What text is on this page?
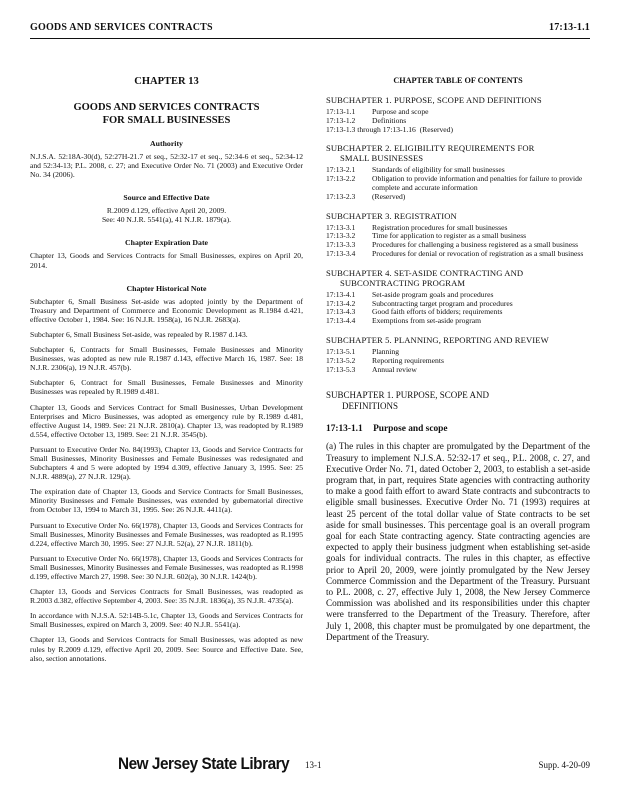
GOODS AND SERVICES CONTRACTS	17:13-1.1
CHAPTER 13
GOODS AND SERVICES CONTRACTS
FOR SMALL BUSINESSES
Authority
N.J.S.A. 52:18A-30(d), 52:27H-21.7 et seq., 52:32-17 et seq., 52:34-6 et seq., 52:34-12 and 52:34-13; P.L. 2008, c. 27; and Executive Order No. 71 (2003) and Executive Order No. 34 (2006).
Source and Effective Date
R.2009 d.129, effective April 20, 2009.
See: 40 N.J.R. 5541(a), 41 N.J.R. 1879(a).
Chapter Expiration Date
Chapter 13, Goods and Services Contracts for Small Businesses, expires on April 20, 2014.
Chapter Historical Note
Subchapter 6, Small Business Set-aside was adopted jointly by the Department of Treasury and Department of Commerce and Economic Development as R.1984 d.421, effective October 1, 1984. See: 16 N.J.R. 1958(a), 16 N.J.R. 2683(a).
Subchapter 6, Small Business Set-aside, was repealed by R.1987 d.143.
Subchapter 6, Contracts for Small Businesses, Female Businesses and Minority Businesses, was adopted as new rule R.1987 d.143, effective March 16, 1987. See: 18 N.J.R. 2306(a), 19 N.J.R. 457(b).
Subchapter 6, Contract for Small Businesses, Female Businesses and Minority Businesses was repealed by R.1989 d.481.
Chapter 13, Goods and Services Contract for Small Businesses, Urban Development Enterprises and Micro Businesses, was adopted as emergency rule by R.1989 d.481, effective August 14, 1989. See: 21 N.J.R. 2810(a). Chapter 13, was readopted by R.1989 d.554, effective October 13, 1989. See: 21 N.J.R. 3545(b).
Pursuant to Executive Order No. 84(1993), Chapter 13, Goods and Service Contracts for Small Businesses, Minority Businesses and Female Businesses was redesignated and Subchapters 4 and 5 were adopted by 1994 d.309, effective January 3, 1995. See: 25 N.J.R. 4889(a), 27 N.J.R. 129(a).
The expiration date of Chapter 13, Goods and Service Contracts for Small Businesses, Minority Businesses and Female Businesses, was extended by gubernatorial directive from October 13, 1994 to March 31, 1995. See: 26 N.J.R. 4411(a).
Pursuant to Executive Order No. 66(1978), Chapter 13, Goods and Services Contracts for Small Businesses, Minority Businesses and Female Businesses, was readopted as R.1995 d.224, effective March 30, 1995. See: 27 N.J.R. 52(a), 27 N.J.R. 1811(b).
Pursuant to Executive Order No. 66(1978), Chapter 13, Goods and Services Contracts for Small Businesses, Minority Businesses and Female Businesses, was readopted as R.1998 d.199, effective March 27, 1998. See: 30 N.J.R. 602(a), 30 N.J.R. 1424(b).
Chapter 13, Goods and Services Contracts for Small Businesses, was readopted as R.2003 d.382, effective September 4, 2003. See: 35 N.J.R. 1836(a), 35 N.J.R. 4735(a).
In accordance with N.J.S.A. 52:14B-5.1c, Chapter 13, Goods and Services Contracts for Small Businesses, expired on March 3, 2009. See: 40 N.J.R. 5541(a).
Chapter 13, Goods and Services Contracts for Small Businesses, was adopted as new rules by R.2009 d.129, effective April 20, 2009. See: Source and Effective Date. See, also, section annotations.
CHAPTER TABLE OF CONTENTS
SUBCHAPTER 1. PURPOSE, SCOPE AND DEFINITIONS
17:13-1.1	Purpose and scope
17:13-1.2	Definitions
17:13-1.3 through 17:13-1.16
(Reserved)
SUBCHAPTER 2. ELIGIBILITY REQUIREMENTS FOR
SMALL BUSINESSES
17:13-2.1	Standards of eligibility for small businesses
17:13-2.2	Obligation to provide information and penalties for failure to provide complete and accurate information
17:13-2.3	(Reserved)
SUBCHAPTER 3. REGISTRATION
17:13-3.1	Registration procedures for small businesses
17:13-3.2	Time for application to register as a small business
17:13-3.3	Procedures for challenging a business registered as a small business
17:13-3.4	Procedures for denial or revocation of registration as a small business
SUBCHAPTER 4. SET-ASIDE CONTRACTING AND
SUBCONTRACTING PROGRAM
17:13-4.1	Set-aside program goals and procedures
17:13-4.2	Subcontracting target program and procedures
17:13-4.3	Good faith efforts of bidders; requirements
17:13-4.4	Exemptions from set-aside program
SUBCHAPTER 5. PLANNING, REPORTING AND REVIEW
17:13-5.1	Planning
17:13-5.2	Reporting requirements
17:13-5.3	Annual review
SUBCHAPTER 1. PURPOSE, SCOPE AND
DEFINITIONS
17:13-1.1 Purpose and scope
(a) The rules in this chapter are promulgated by the Department of the Treasury to implement N.J.S.A. 52:32-17 et seq., P.L. 2008, c. 27, and Executive Order No. 71, dated October 2, 2003, to establish a set-aside program that, in part, requires State agencies with contracting authority to make a good faith effort to award State contracts and subcontracts to eligible small businesses. Executive Order No. 71 (1993) requires at least 25 percent of the total dollar value of State contracts to be set aside for small businesses. This percentage goal is an overall program goal for each State contracting agency. State contracting agencies are expected to apply their business judgment when establishing set-aside goals for individual contracts. The rules in this chapter, as effective prior to April 20, 2009, were jointly promulgated by the New Jersey Commerce Commission and the Department of the Treasury. Pursuant to P.L. 2008, c. 27, effective July 1, 2008, the New Jersey Commerce Commission was abolished and its responsibilities under this chapter were transferred to the Department of the Treasury. Therefore, after July 1, 2008, this chapter must be promulgated by one department, the Department of the Treasury.
New Jersey State Library 13-1	Supp. 4-20-09
